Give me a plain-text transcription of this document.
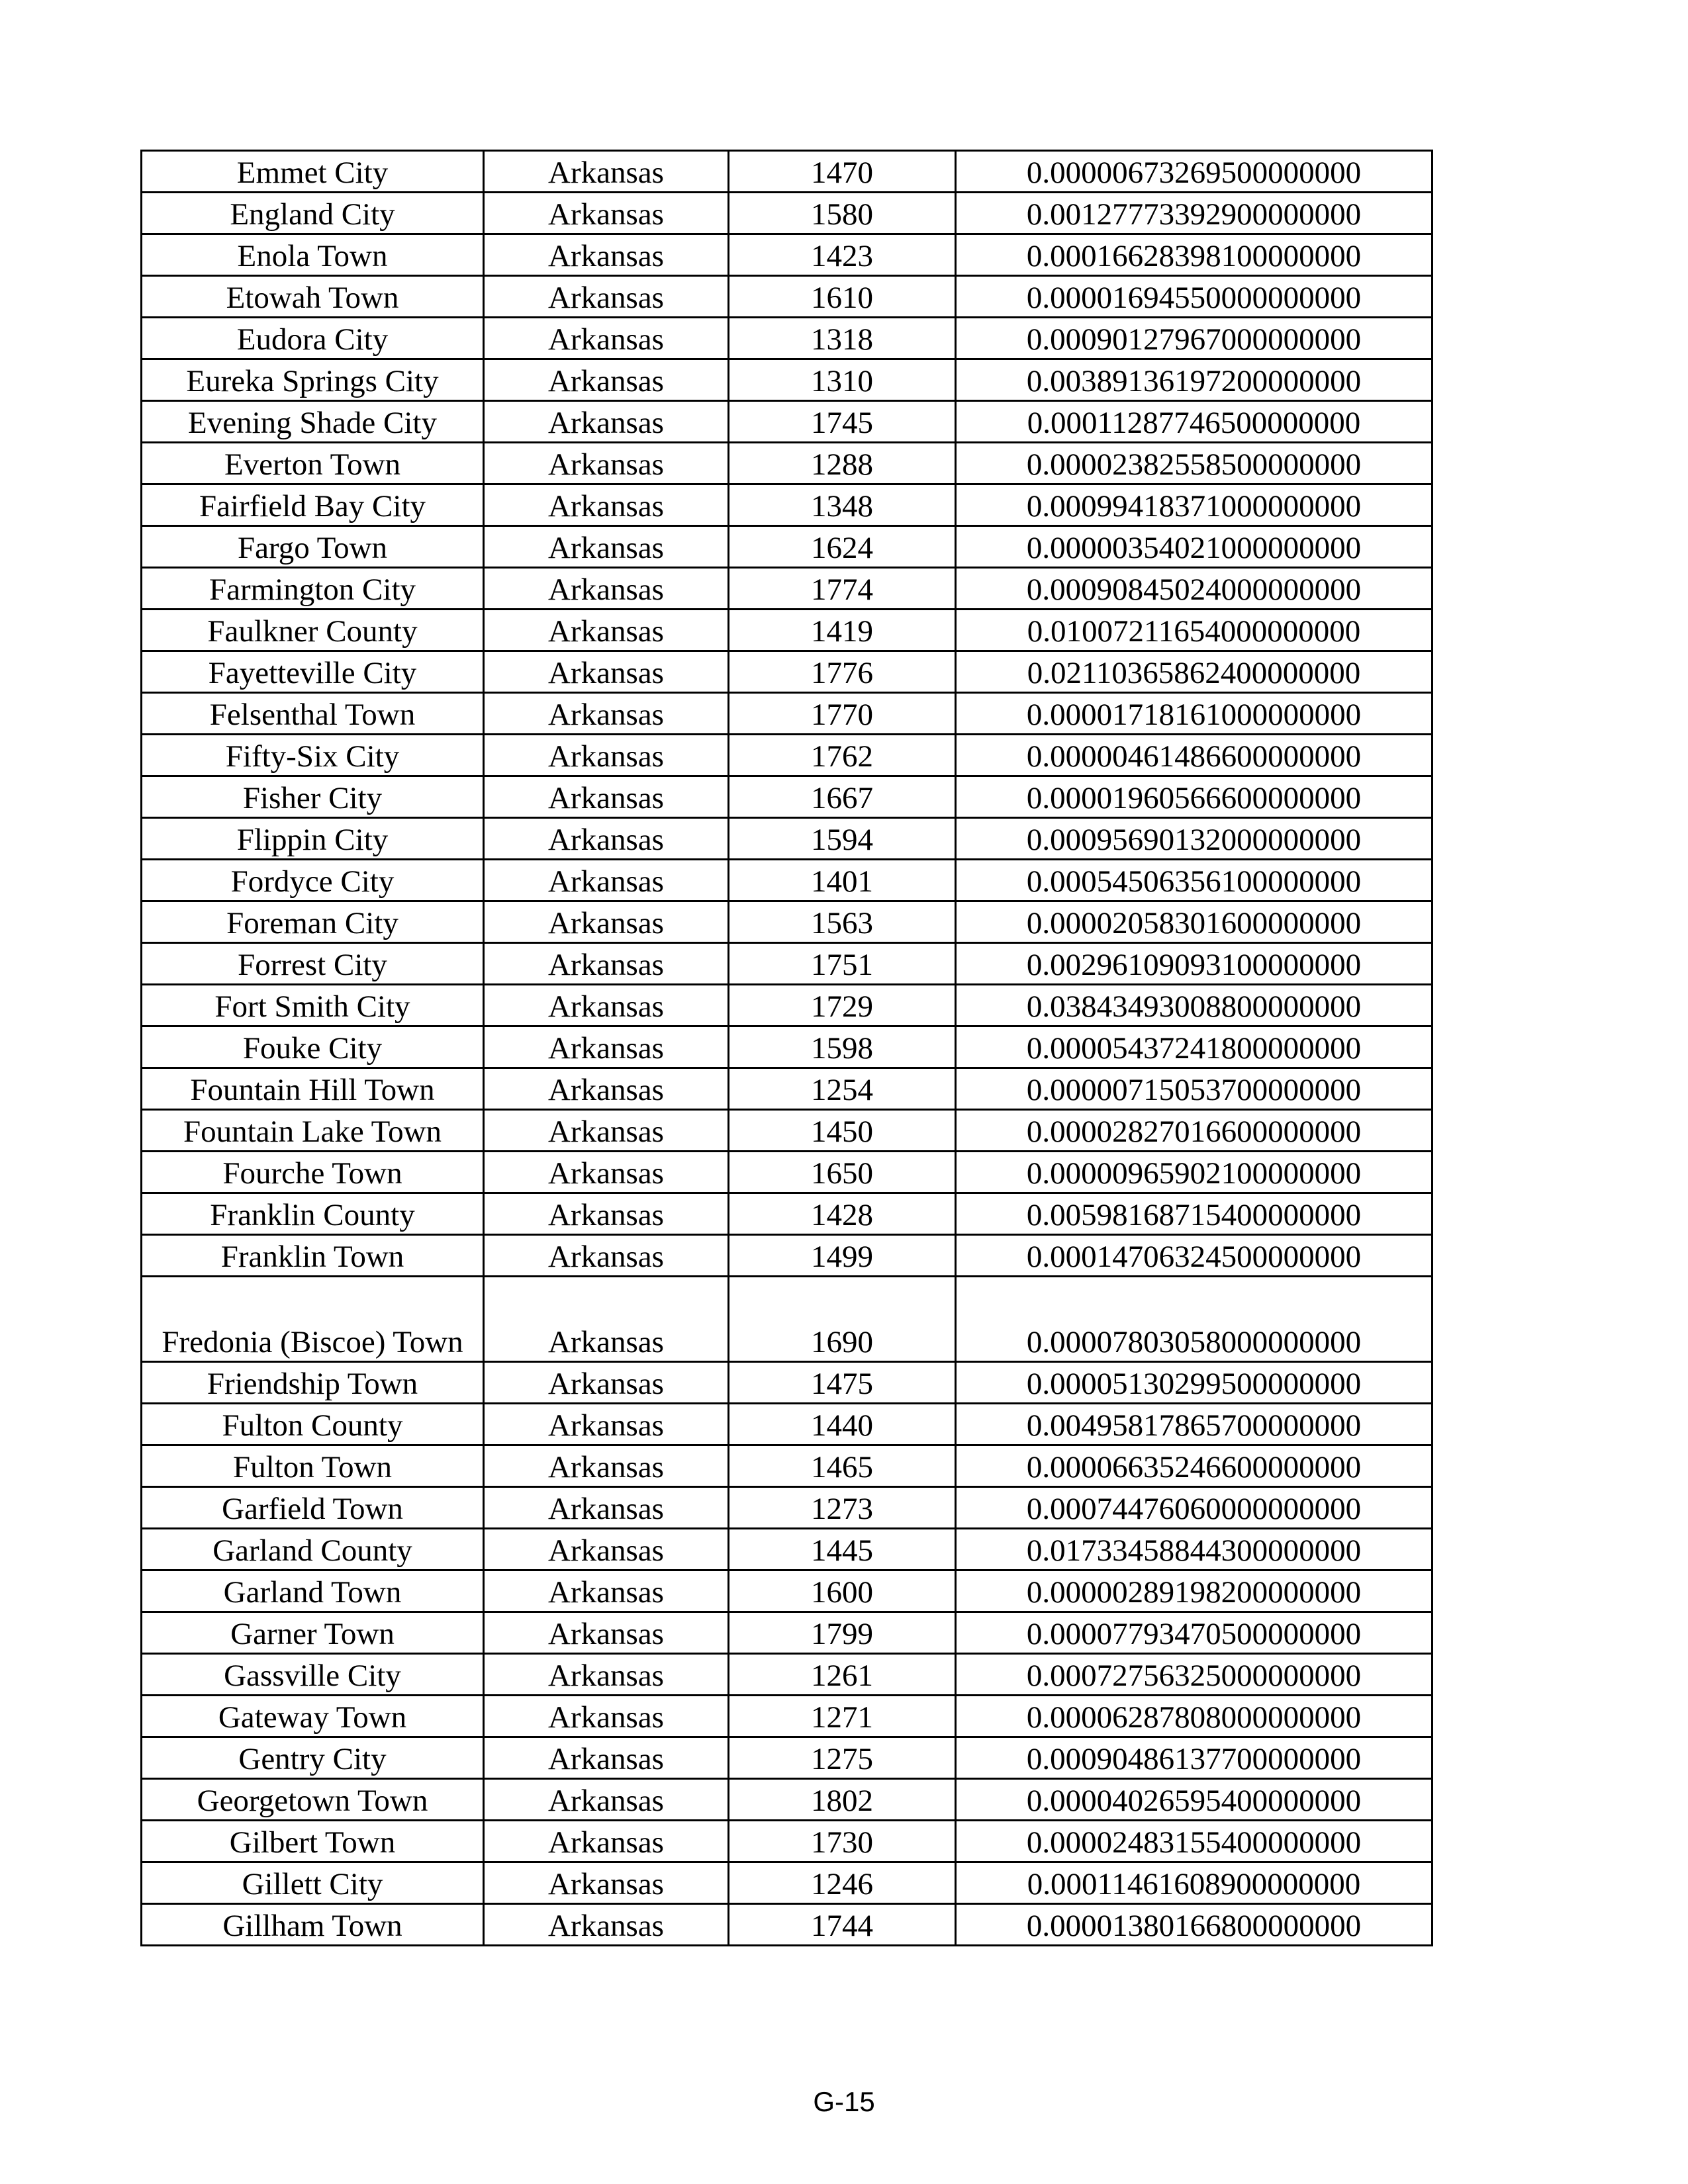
Emmet City	Arkansas	1470	0.00000673269500000000
England City	Arkansas	1580	0.00127773392900000000
Enola Town	Arkansas	1423	0.00016628398100000000
Etowah Town	Arkansas	1610	0.00001694550000000000
Eudora City	Arkansas	1318	0.00090127967000000000
Eureka Springs City	Arkansas	1310	0.00389136197200000000
Evening Shade City	Arkansas	1745	0.00011287746500000000
Everton Town	Arkansas	1288	0.00002382558500000000
Fairfield Bay City	Arkansas	1348	0.00099418371000000000
Fargo Town	Arkansas	1624	0.00000354021000000000
Farmington City	Arkansas	1774	0.00090845024000000000
Faulkner County	Arkansas	1419	0.01007211654000000000
Fayetteville City	Arkansas	1776	0.02110365862400000000
Felsenthal Town	Arkansas	1770	0.00001718161000000000
Fifty-Six City	Arkansas	1762	0.00000461486600000000
Fisher City	Arkansas	1667	0.00001960566600000000
Flippin City	Arkansas	1594	0.00095690132000000000
Fordyce City	Arkansas	1401	0.00054506356100000000
Foreman City	Arkansas	1563	0.00002058301600000000
Forrest City	Arkansas	1751	0.00296109093100000000
Fort Smith City	Arkansas	1729	0.03843493008800000000
Fouke City	Arkansas	1598	0.00005437241800000000
Fountain Hill Town	Arkansas	1254	0.00000715053700000000
Fountain Lake Town	Arkansas	1450	0.00002827016600000000
Fourche Town	Arkansas	1650	0.00000965902100000000
Franklin County	Arkansas	1428	0.00598168715400000000
Franklin Town	Arkansas	1499	0.00014706324500000000
Fredonia (Biscoe) Town	Arkansas	1690	0.00007803058000000000
Friendship Town	Arkansas	1475	0.00005130299500000000
Fulton County	Arkansas	1440	0.00495817865700000000
Fulton Town	Arkansas	1465	0.00006635246600000000
Garfield Town	Arkansas	1273	0.00074476060000000000
Garland County	Arkansas	1445	0.01733458844300000000
Garland Town	Arkansas	1600	0.00000289198200000000
Garner Town	Arkansas	1799	0.00007793470500000000
Gassville City	Arkansas	1261	0.00072756325000000000
Gateway Town	Arkansas	1271	0.00006287808000000000
Gentry City	Arkansas	1275	0.00090486137700000000
Georgetown Town	Arkansas	1802	0.00004026595400000000
Gilbert Town	Arkansas	1730	0.00002483155400000000
Gillett City	Arkansas	1246	0.00011461608900000000
Gillham Town	Arkansas	1744	0.00001380166800000000
G-15
